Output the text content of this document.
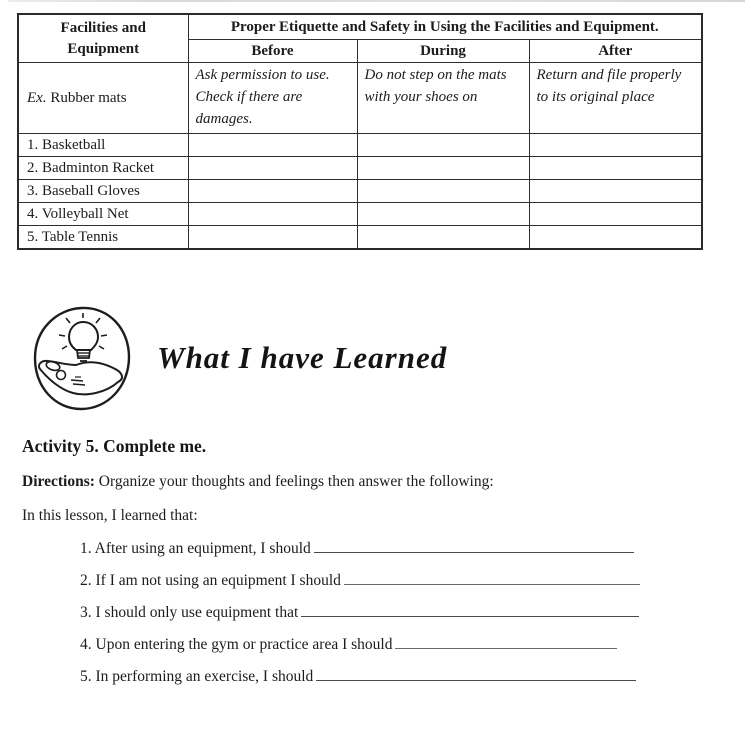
Facilities and Equipment	Proper Etiquette and Safety in Using the Facilities and Equipment.		
	Before	During	After
Ex. Rubber mats	Ask permission to use. Check if there are damages.	Do not step on the mats with your shoes on	Return and file properly to its original place
1. Basketball			
2. Badminton Racket			
3. Baseball Gloves			
4. Volleyball Net			
5. Table Tennis			
What I have Learned

Activity 5. Complete me.

Directions: Organize your thoughts and feelings then answer the following:

In this lesson, I learned that:

1. After using an equipment, I should
2. If I am not using an equipment I should
3. I should only use equipment that
4. Upon entering the gym or practice area I should
5. In performing an exercise, I should
